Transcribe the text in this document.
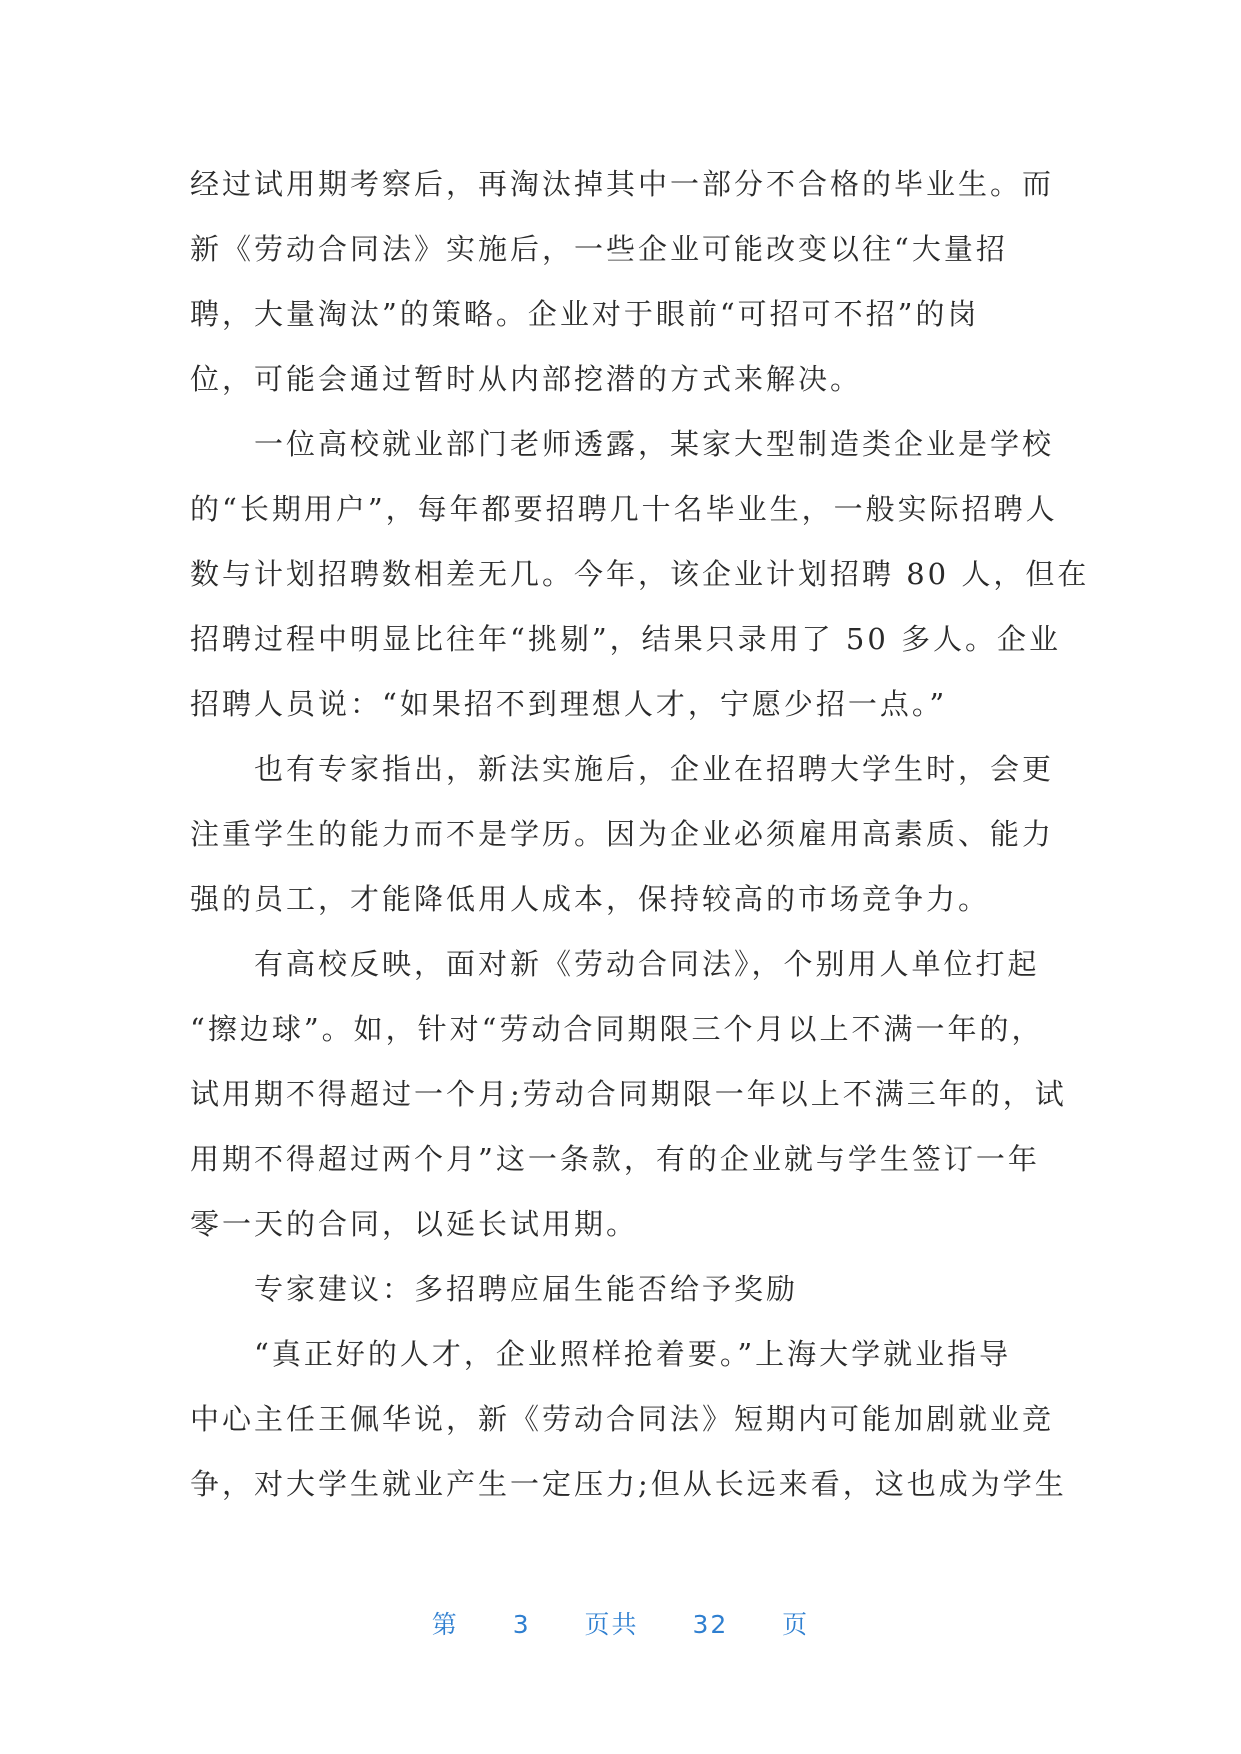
经过试用期考察后，再淘汰掉其中一部分不合格的毕业生。而
新《劳动合同法》实施后，一些企业可能改变以往“大量招
聘，大量淘汰”的策略。企业对于眼前“可招可不招”的岗
位，可能会通过暂时从内部挖潜的方式来解决。
　　一位高校就业部门老师透露，某家大型制造类企业是学校
的“长期用户”，每年都要招聘几十名毕业生，一般实际招聘人
数与计划招聘数相差无几。今年，该企业计划招聘 80 人，但在
招聘过程中明显比往年“挑剔”，结果只录用了 50 多人。企业
招聘人员说：“如果招不到理想人才，宁愿少招一点。”
　　也有专家指出，新法实施后，企业在招聘大学生时，会更
注重学生的能力而不是学历。因为企业必须雇用高素质、能力
强的员工，才能降低用人成本，保持较高的市场竞争力。
　　有高校反映，面对新《劳动合同法》，个别用人单位打起
“擦边球”。如，针对“劳动合同期限三个月以上不满一年的，
试用期不得超过一个月;劳动合同期限一年以上不满三年的，试
用期不得超过两个月”这一条款，有的企业就与学生签订一年
零一天的合同，以延长试用期。
　　专家建议：多招聘应届生能否给予奖励
　　“真正好的人才，企业照样抢着要。”上海大学就业指导
中心主任王佩华说，新《劳动合同法》短期内可能加剧就业竞
争，对大学生就业产生一定压力;但从长远来看，这也成为学生
第 3 页共 32 页
